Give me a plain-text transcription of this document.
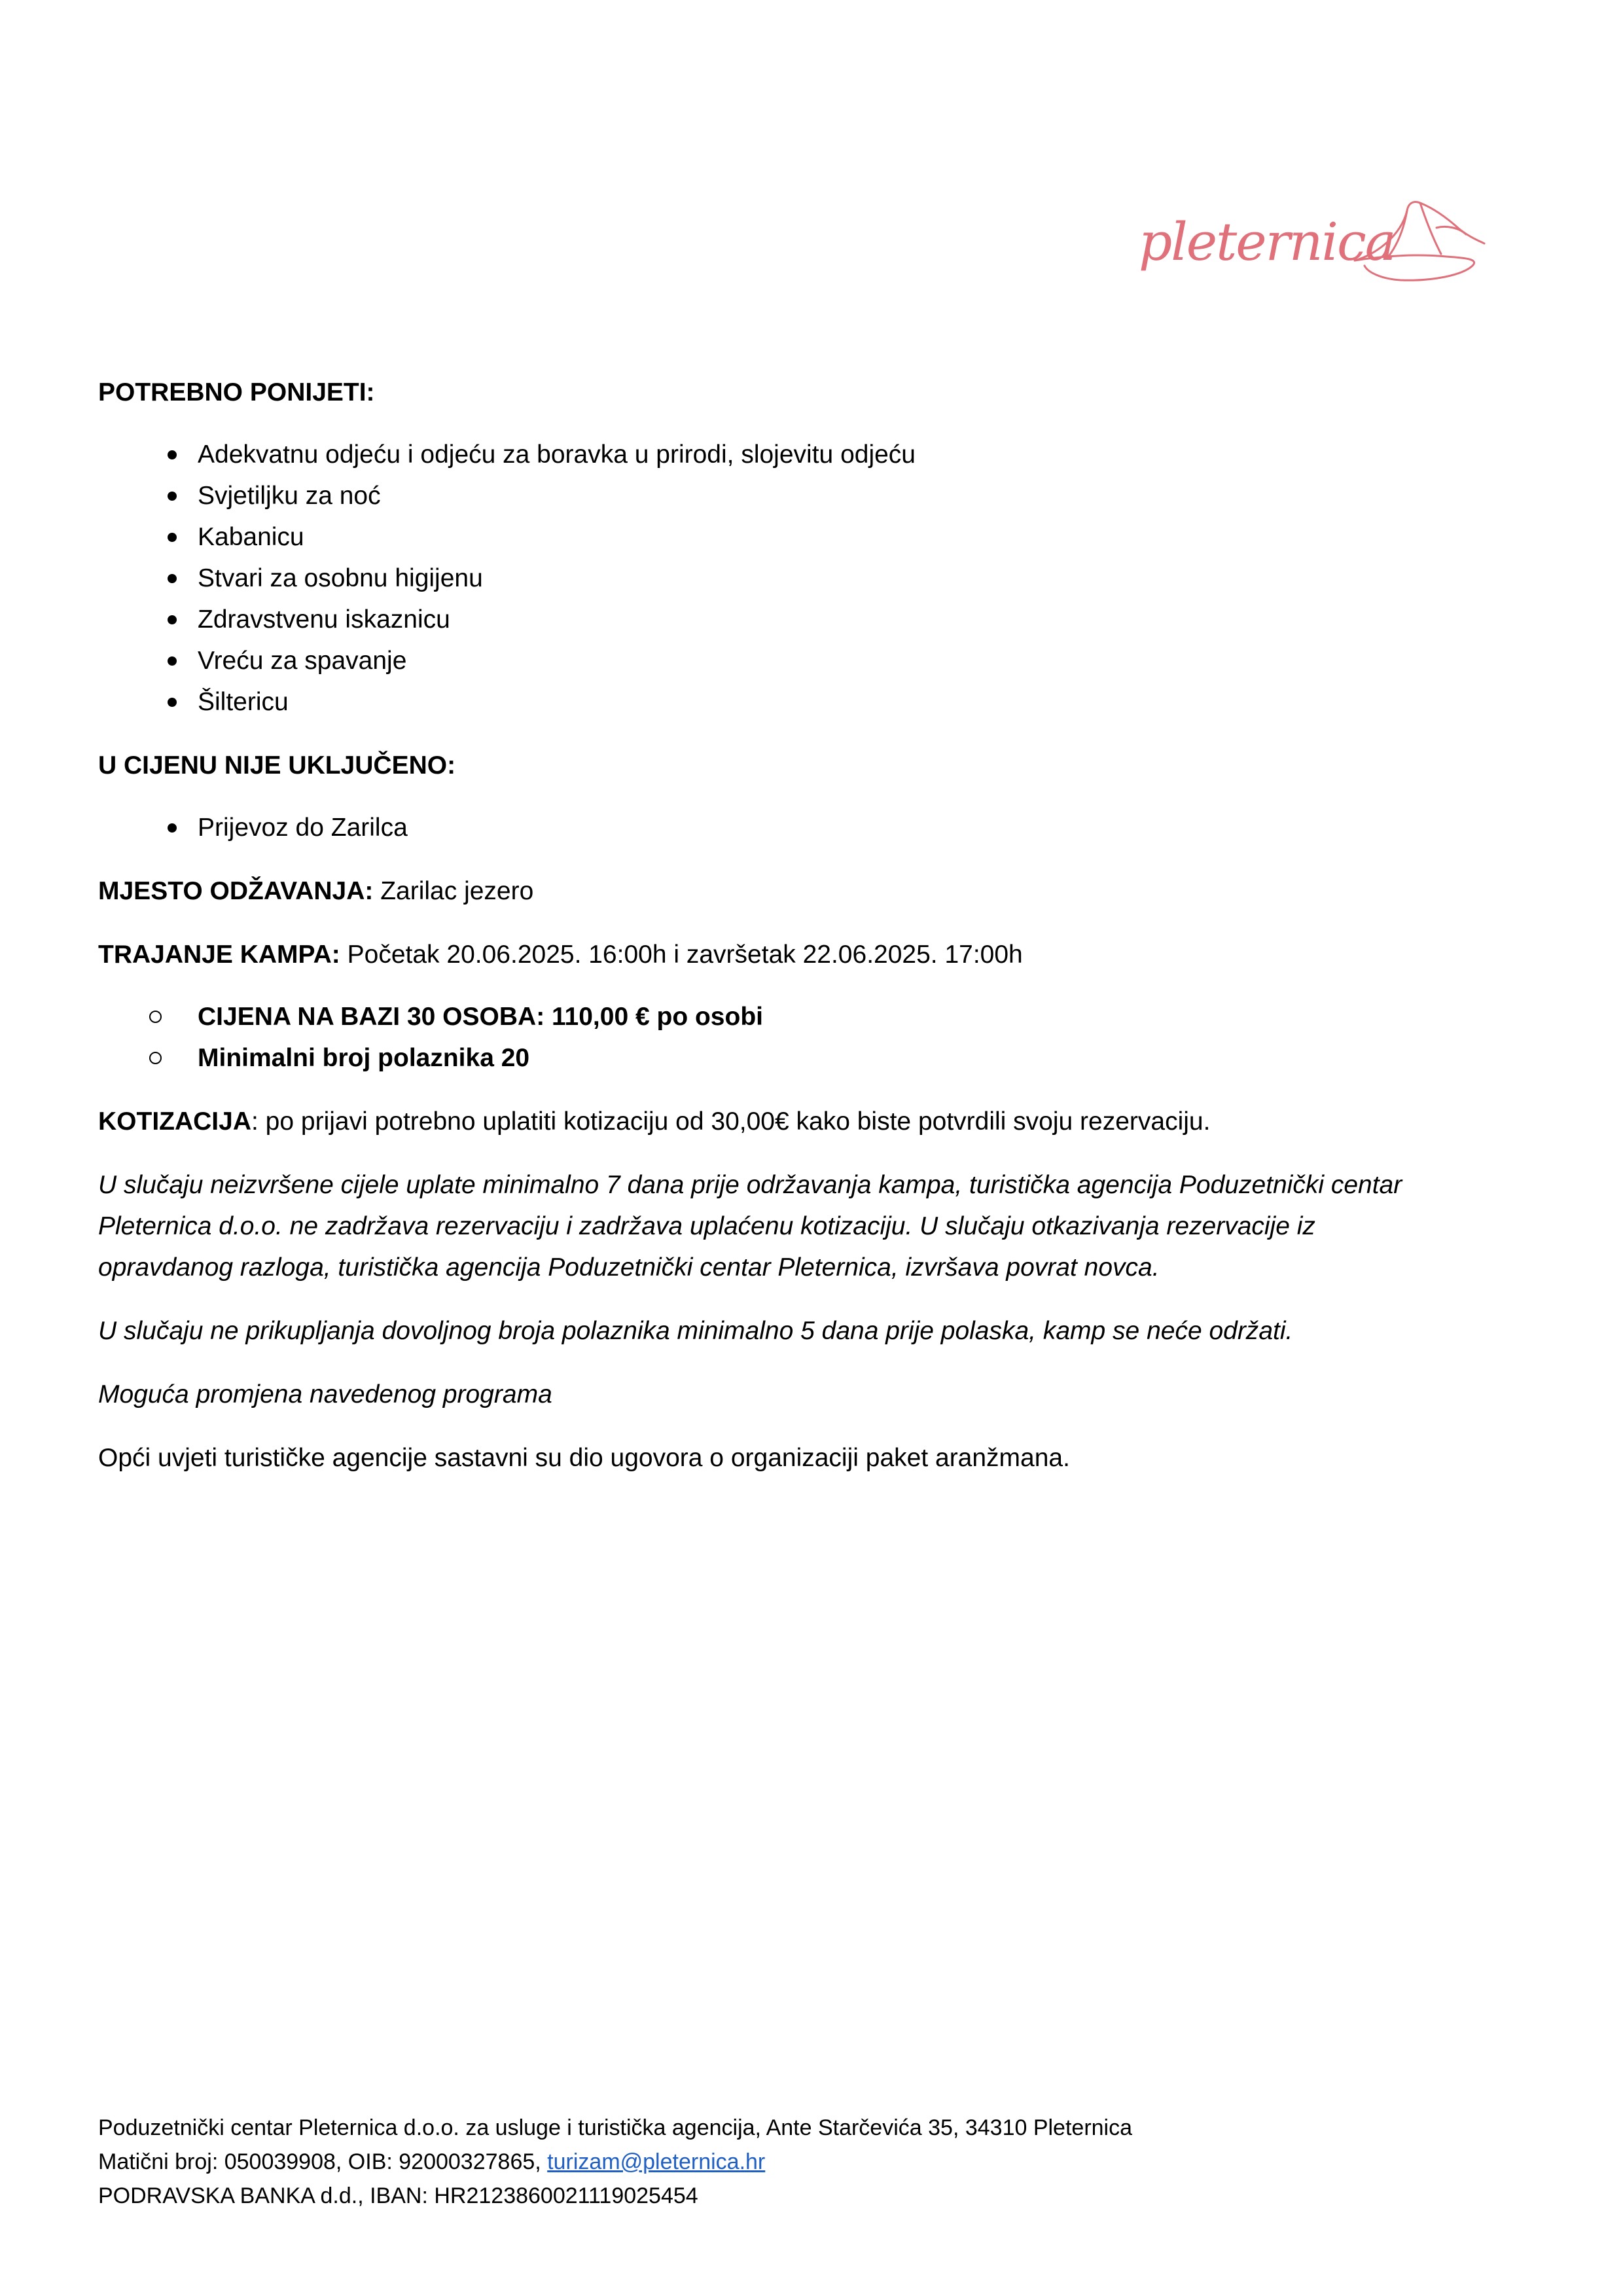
pleternica

POTREBNO PONIJETI:

Adekvatnu odjeću i odjeću za boravka u prirodi, slojevitu odjeću
Svjetiljku za noć
Kabanicu
Stvari za osobnu higijenu
Zdravstvenu iskaznicu
Vreću za spavanje
Šiltericu

U CIJENU NIJE UKLJUČENO:

Prijevoz do Zarilca

MJESTO ODŽAVANJA: Zarilac jezero

TRAJANJE KAMPA: Početak 20.06.2025. 16:00h i završetak 22.06.2025. 17:00h

CIJENA NA BAZI 30 OSOBA: 110,00 € po osobi
Minimalni broj polaznika 20

KOTIZACIJA: po prijavi potrebno uplatiti kotizaciju od 30,00€ kako biste potvrdili svoju rezervaciju.

U slučaju neizvršene cijele uplate minimalno 7 dana prije održavanja kampa, turistička agencija Poduzetnički centar
Pleternica d.o.o. ne zadržava rezervaciju i zadržava uplaćenu kotizaciju. U slučaju otkazivanja rezervacije iz
opravdanog razloga, turistička agencija Poduzetnički centar Pleternica, izvršava povrat novca.

U slučaju ne prikupljanja dovoljnog broja polaznika minimalno 5 dana prije polaska, kamp se neće održati.

Moguća promjena navedenog programa

Opći uvjeti turističke agencije sastavni su dio ugovora o organizaciji paket aranžmana.

Poduzetnički centar Pleternica d.o.o. za usluge i turistička agencija, Ante Starčevića 35, 34310 Pleternica
Matični broj: 050039908, OIB: 92000327865, turizam@pleternica.hr
PODRAVSKA BANKA d.d., IBAN: HR2123860021119025454
